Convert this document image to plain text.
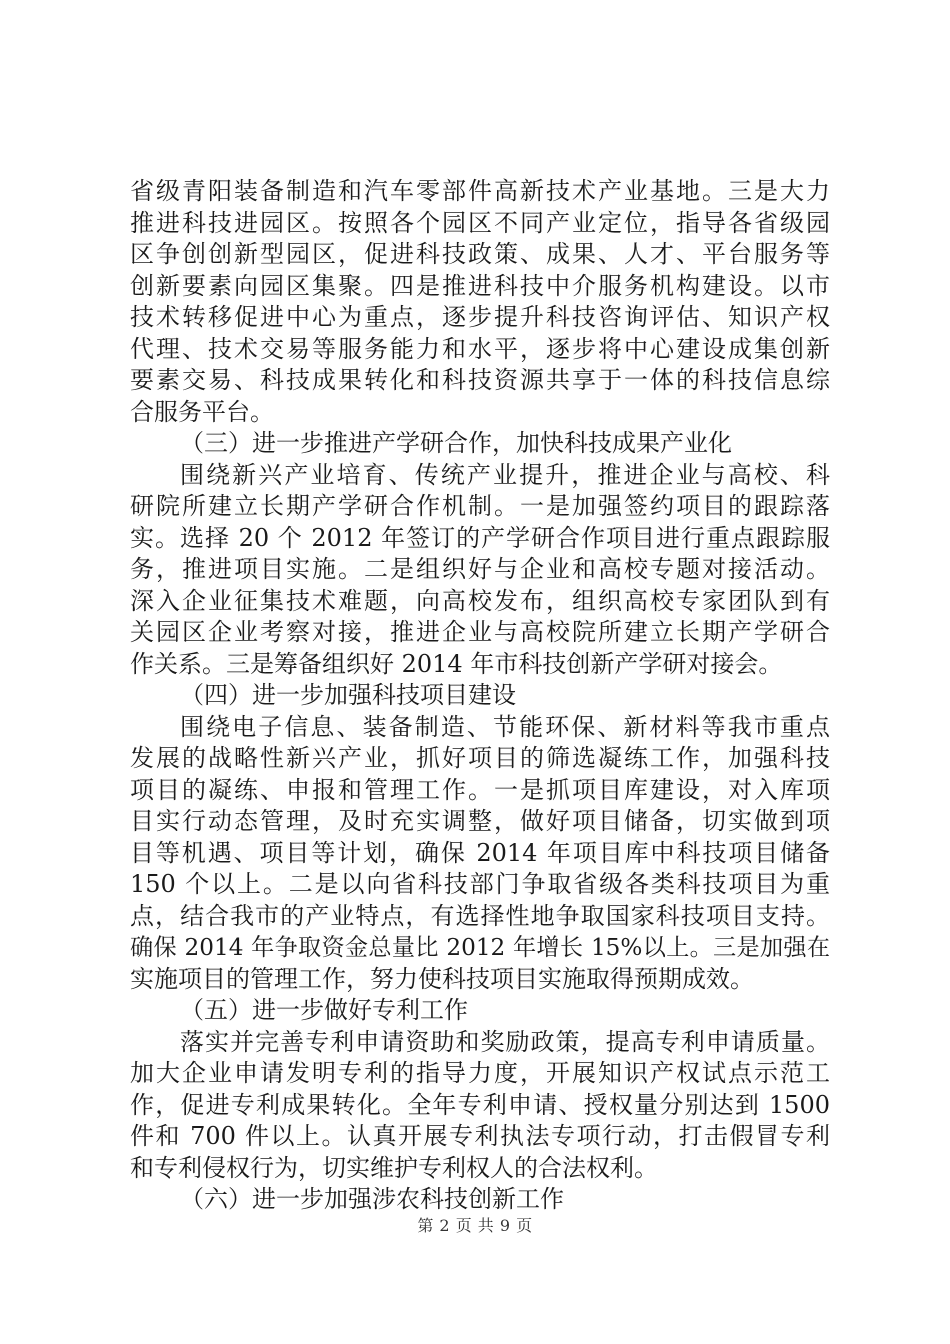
省级青阳装备制造和汽车零部件高新技术产业基地。三是大力
推进科技进园区。按照各个园区不同产业定位，指导各省级园
区争创创新型园区，促进科技政策、成果、人才、平台服务等
创新要素向园区集聚。四是推进科技中介服务机构建设。以市
技术转移促进中心为重点，逐步提升科技咨询评估、知识产权
代理、技术交易等服务能力和水平，逐步将中心建设成集创新
要素交易、科技成果转化和科技资源共享于一体的科技信息综
合服务平台。
（三）进一步推进产学研合作，加快科技成果产业化
围绕新兴产业培育、传统产业提升，推进企业与高校、科
研院所建立长期产学研合作机制。一是加强签约项目的跟踪落
实。选择 20 个 2012 年签订的产学研合作项目进行重点跟踪服
务，推进项目实施。二是组织好与企业和高校专题对接活动。
深入企业征集技术难题，向高校发布，组织高校专家团队到有
关园区企业考察对接，推进企业与高校院所建立长期产学研合
作关系。三是筹备组织好 2014 年市科技创新产学研对接会。
（四）进一步加强科技项目建设
围绕电子信息、装备制造、节能环保、新材料等我市重点
发展的战略性新兴产业，抓好项目的筛选凝练工作，加强科技
项目的凝练、申报和管理工作。一是抓项目库建设，对入库项
目实行动态管理，及时充实调整，做好项目储备，切实做到项
目等机遇、项目等计划，确保 2014 年项目库中科技项目储备
150 个以上。二是以向省科技部门争取省级各类科技项目为重
点，结合我市的产业特点，有选择性地争取国家科技项目支持。
确保 2014 年争取资金总量比 2012 年增长 15%以上。三是加强在
实施项目的管理工作，努力使科技项目实施取得预期成效。
（五）进一步做好专利工作
落实并完善专利申请资助和奖励政策，提高专利申请质量。
加大企业申请发明专利的指导力度，开展知识产权试点示范工
作，促进专利成果转化。全年专利申请、授权量分别达到 1500
件和 700 件以上。认真开展专利执法专项行动，打击假冒专利
和专利侵权行为，切实维护专利权人的合法权利。
（六）进一步加强涉农科技创新工作
第 2 页 共 9 页
